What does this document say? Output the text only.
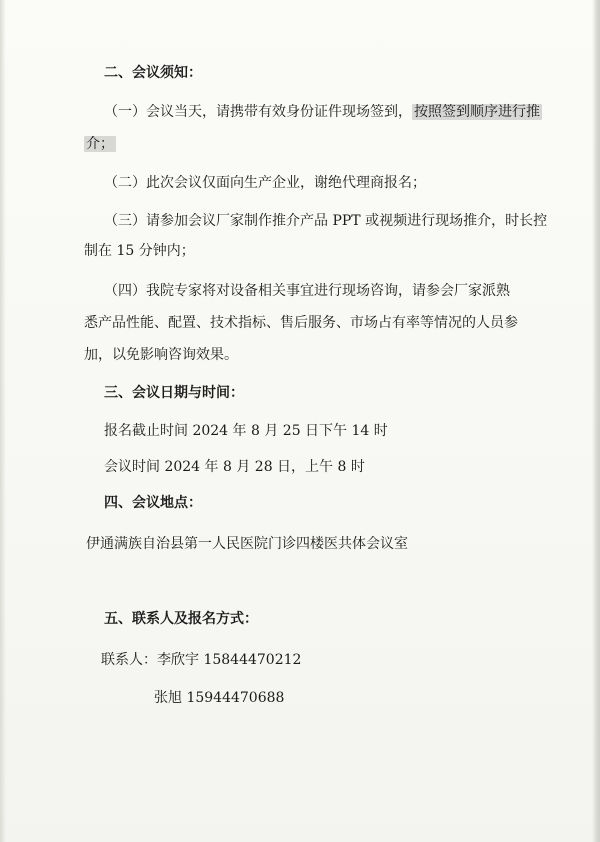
二、会议须知：
（一）会议当天，请携带有效身份证件现场签到， 按照签到顺序进行推
介；
（二）此次会议仅面向生产企业，谢绝代理商报名；
（三）请参加会议厂家制作推介产品 PPT 或视频进行现场推介，时长控
制在 15 分钟内；
（四）我院专家将对设备相关事宜进行现场咨询，请参会厂家派熟
悉产品性能、配置、技术指标、售后服务、市场占有率等情况的人员参
加，以免影响咨询效果。
三、会议日期与时间：
报名截止时间 2024 年 8 月 25 日下午 14 时
会议时间 2024 年 8 月 28 日，上午 8 时
四、会议地点：
伊通满族自治县第一人民医院门诊四楼医共体会议室
五、联系人及报名方式：
联系人：李欣宇 15844470212
张旭 15944470688
